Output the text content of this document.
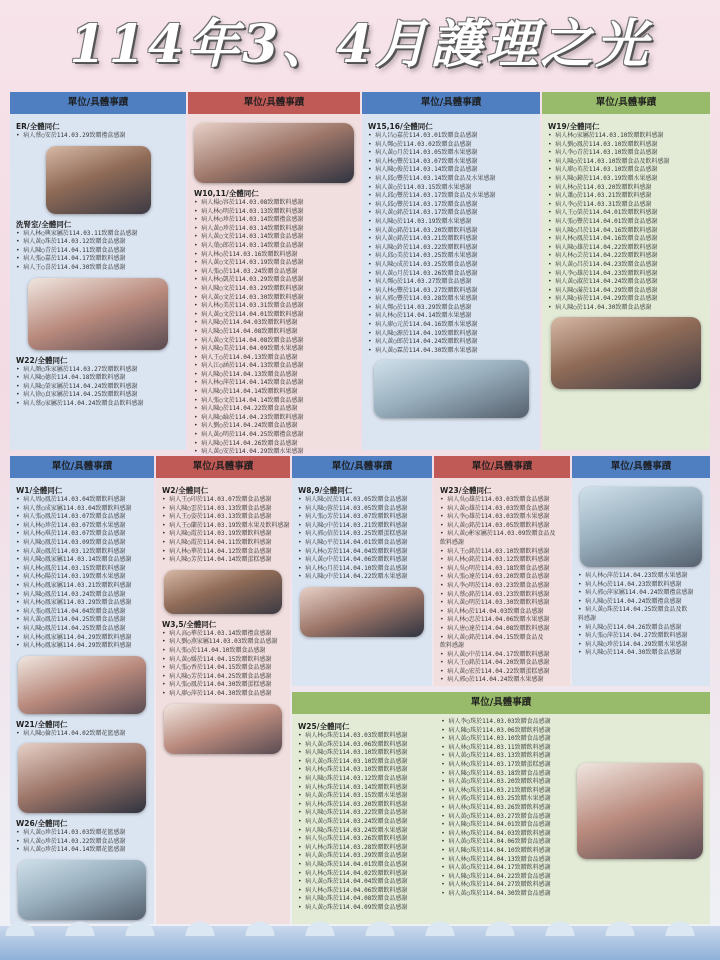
114年3、4月護理之光
單位/具體事蹟
ER/全體同仁
• 病人蔡○安於114.03.29致贈禮盒感謝
洗腎室/全體同仁
• 病人林○興家屬於114.03.11致贈食品感謝
• 病人黃○珠於114.03.12致贈食品感謝
• 病人陳○青於114.04.11致贈食品感謝
• 病人張○嘉於114.04.17致贈飲料感謝
• 病人王○喜於114.04.30致贈食品感謝
W22/全體同仁
• 病人顏○珠家屬於114.03.27致贈飲料感謝
• 病人陳○德於114.04.18致贈飲料感謝
• 病人陳○榮家屬於114.04.24致贈飲料感謝
• 病人徐○貞家屬於114.04.25致贈飲料感謝
• 病人蔡○家屬於114.04.24致贈食品飲料感謝
單位/具體事蹟
W10,11/全體同仁
• 病人楊○容於114.03.08致贈飲料感謝
• 病人林○明於114.03.13致贈飲料感謝
• 病人林○珍於114.03.14致贈禮盒感謝
• 病人黃○珍於114.03.14致贈飲料感謝
• 病人黃○文於114.03.14致贈食品感謝
• 病人葉○郎於114.03.14致贈食品感謝
• 病人林○於114.03.16致贈飲料感謝
• 病人黃○文於114.03.19致贈食品感謝
• 病人張○於114.03.24致贈食品感謝
• 病人林○凱於114.03.29致贈食品感謝
• 病人陳○文於114.03.29致贈飲料感謝
• 病人黃○文於114.03.30致贈飲料感謝
• 病人林○美於114.03.31致贈食品感謝
• 病人黃○文於114.04.01致贈飲料感謝
• 病人陳○於114.04.03致贈飲料感謝
• 病人陳○於114.04.08致贈飲料感謝
• 病人黃○文於114.04.08致贈食品感謝
• 病人陳○美於114.04.09致贈水果感謝
• 病人王○於114.04.13致贈食品感謝
• 病人江○涵於114.04.13致贈食品感謝
• 病人陳○於114.04.13致贈食品感謝
• 病人林○萍於114.04.14致贈食品感謝
• 病人陳○於114.04.14致贈飲料感謝
• 病人張○文於114.04.14致贈食品感謝
• 病人陳○於114.04.22致贈食品感謝
• 病人陳○綸於114.04.23致贈飲料感謝
• 病人劉○於114.04.24致贈食品感謝
• 病人黃○明於114.04.25致贈禮盒感謝
• 病人陳○於114.04.26致贈食品感謝
• 病人黃○安於114.04.29致贈水果感謝
單位/具體事蹟
W15,16/全體同仁
• 病人呂○嘉於114.03.01致贈食品感謝
• 病人鄭○於114.03.02致贈食品感謝
• 病人黃○月於114.03.05致贈水果感謝
• 病人林○豐於114.03.07致贈水果感謝
• 病人陳○俊於114.03.14致贈食品感謝
• 病人邱○豐於114.03.14致贈食品及水果感謝
• 病人黃○於114.03.15致贈水果感謝
• 病人邱○豐於114.03.17致贈食品及水果感謝
• 病人邱○豐於114.03.17致贈食品感謝
• 病人黃○銘於114.03.17致贈食品感謝
• 病人陳○於114.03.19致贈水果感謝
• 病人黃○銘於114.03.20致贈飲料感謝
• 病人黃○銘於114.03.21致贈飲料感謝
• 病人陳○鈴於114.03.22致贈飲料感謝
• 病人邱○美於114.03.25致贈水果感謝
• 病人陳○成於114.03.25致贈食品感謝
• 病人黃○月於114.03.26致贈食品感謝
• 病人鄭○於114.03.27致贈食品感謝
• 病人林○豐於114.03.27致贈飲料感謝
• 病人郭○豐於114.03.28致贈水果感謝
• 病人鄭○於114.03.29致贈食品感謝
• 病人林○於114.04.14致贈水果感謝
• 病人廖○元於114.04.16致贈水果感謝
• 病人陳○源於114.04.19致贈飲料感謝
• 病人黃○郎於114.04.24致贈飲料感謝
• 病人黃○霖於114.04.30致贈水果感謝
單位/具體事蹟
W19/全體同仁
• 病人林○家屬於114.03.10致贈飲料感謝
• 病人劉○鳳於114.03.10致贈飲料感謝
• 病人李○青於114.03.10致贈食品感謝
• 病人陳○於114.03.10致贈食品及飲料感謝
• 病人廖○英於114.03.10致贈食品感謝
• 病人陳○鐘於114.03.19致贈水果感謝
• 病人林○於114.03.20致贈飲料感謝
• 病人蕭○於114.03.21致贈飲料感謝
• 病人李○於114.03.31致贈食品感謝
• 病人王○榮於114.04.01致贈飲料感謝
• 病人張○豐於114.04.01致贈食品感謝
• 病人陳○昌於114.04.16致贈飲料感謝
• 病人林○鳳於114.04.16致贈食品感謝
• 病人陳○雄於114.04.22致贈飲料感謝
• 病人林○芸於114.04.22致贈飲料感謝
• 病人黃○昌於114.04.23致贈食品感謝
• 病人李○雄於114.04.23致贈飲料感謝
• 病人黃○淑於114.04.24致贈食品感謝
• 病人陳○滿於114.04.29致贈食品感謝
• 病人陳○裕於114.04.29致贈食品感謝
• 病人陳○於114.04.30致贈食品感謝
單位/具體事蹟
W1/全體同仁
• 病人周○鳳於114.03.04致贈飲料感謝
• 病人蔡○成家屬114.03.04致贈飲料感謝
• 病人張○鳳於114.03.07致贈食品感謝
• 病人林○珍於114.03.07致贈水果感謝
• 病人林○琪於114.03.07致贈食品感謝
• 病人陳○鳳於114.03.09致贈食品感謝
• 病人黃○鳳於114.03.12致贈飲料感謝
• 病人陳○鳳家屬114.03.14致贈食品感謝
• 病人林○鳳於114.03.15致贈飲料感謝
• 病人林○陽於114.03.19致贈水果感謝
• 病人林○鳳家屬114.03.21致贈飲料感謝
• 病人陳○鳳於114.03.24致贈食品感謝
• 病人林○鳳家屬114.03.29致贈食品感謝
• 病人張○鳳於114.04.04致贈食品感謝
• 病人黃○鳳於114.04.25致贈食品感謝
• 病人陳○鳳於114.04.25致贈食品感謝
• 病人林○鳳家屬114.04.29致贈飲料感謝
• 病人林○鳳家屬114.04.29致贈飲料感謝
W21/全體同仁
• 病人陳○倫於114.04.02致贈花籃感謝
W26/全體同仁
• 病人黃○珍於114.03.03致贈花籃感謝
• 病人黃○珍於114.03.22致贈食品感謝
• 病人黃○珍於114.04.14致贈花籃感謝
單位/具體事蹟
W2/全體同仁
• 病人王○印於114.03.07致贈食品感謝
• 病人陳○雲於114.03.13致贈食品感謝
• 病人王○姿於114.03.13致贈食品感謝
• 病人王○蘭於114.03.19致贈水果及飲料感謝
• 病人陳○霞於114.03.19致贈飲料感謝
• 病人陳○霞於114.04.11致贈飲料感謝
• 病人林○華於114.04.12致贈食品感謝
• 病人陳○芳於114.04.14致贈蛋糕感謝
W3,5/全體同仁
• 病人高○華於114.03.14致贈禮盒感謝
• 病人劉○燕家屬114.03.03致贈食品感謝
• 病人張○於114.04.10致贈食品感謝
• 病人黃○媛於114.04.15致贈飲料感謝
• 病人張○香於114.04.15致贈食品感謝
• 病人陳○芳於114.04.25致贈食品感謝
• 病人張○鳳於114.04.30致贈蛋糕感謝
• 病人廖○萍於114.04.30致贈食品感謝
單位/具體事蹟
W8,9/全體同仁
• 病人陳○民於114.03.05致贈食品感謝
• 病人陳○蓉於114.03.05致贈食品感謝
• 病人張○芳於114.03.07致贈飲料感謝
• 病人陳○中於114.03.21致贈飲料感謝
• 病人郭○信於114.03.25致贈蛋糕感謝
• 病人陳○平於114.04.01致贈食品感謝
• 病人林○芳於114.04.04致贈飲料感謝
• 病人黃○中於114.04.06致贈飲料感謝
• 病人林○月於114.04.10致贈食品感謝
• 病人陳○中於114.04.22致贈水果感謝
單位/具體事蹟
W23/全體同仁
• 病人吳○雄於114.03.03致贈食品感謝
• 病人黃○雄於114.03.03致贈食品感謝
• 病人李○雄於114.03.03致贈水果感謝
• 病人黃○銘於114.03.05致贈飲料感謝
• 病人黃○彬家屬於114.03.09致贈食品及
飲料感謝
• 病人王○銘於114.03.10致贈飲料感謝
• 病人林○銘於114.03.12致贈飲料感謝
• 病人吳○明於114.03.18致贈食品感謝
• 病人張○達於114.03.20致贈食品感謝
• 病人李○明於114.03.23致贈食品感謝
• 病人蔡○銘於114.03.23致贈飲料感謝
• 病人黃○明於114.03.30致贈飲料感謝
• 病人林○於114.04.03致贈食品感謝
• 病人林○忠於114.04.06致贈水果感謝
• 病人唐○達於114.04.08致贈飲料感謝
• 病人黃○銘於114.04.15致贈食品及
飲料感謝
• 病人黃○中於114.04.17致贈飲料感謝
• 病人王○銘於114.04.20致贈食品感謝
• 病人黃○宏於114.04.22致贈蛋糕感謝
• 病人郭○於114.04.24致贈水果感謝
單位/具體事蹟
• 病人林○萍於114.04.23致贈水果感謝
• 病人林○於114.04.23致贈飲料感謝
• 病人郭○萍家屬114.04.24致贈禮盒感謝
• 病人陳○於114.04.24致贈禮盒感謝
• 病人黃○珠於114.04.25致贈食品及飲
料感謝
• 病人陳○於114.04.26致贈食品感謝
• 病人張○萍於114.04.27致贈飲料感謝
• 病人陳○珍於114.04.29致贈水果感謝
• 病人陳○於114.04.30致贈食品感謝
單位/具體事蹟
W25/全體同仁
• 病人林○珠於114.03.03致贈飲料感謝
• 病人黃○珠於114.03.06致贈飲料感謝
• 病人陳○珠於114.03.10致贈飲料感謝
• 病人黃○珠於114.03.10致贈食品感謝
• 病人林○珠於114.03.10致贈飲料感謝
• 病人陳○珠於114.03.12致贈食品感謝
• 病人林○珠於114.03.14致贈飲料感謝
• 病人黃○珠於114.03.15致贈水果感謝
• 病人林○珠於114.03.20致贈飲料感謝
• 病人陳○珠於114.03.22致贈食品感謝
• 病人黃○珠於114.03.24致贈食品感謝
• 病人陳○珠於114.03.24致贈水果感謝
• 病人吳○珠於114.03.26致贈飲料感謝
• 病人林○珠於114.03.28致贈飲料感謝
• 病人黃○珠於114.03.29致贈食品感謝
• 病人陳○珠於114.04.01致贈食品感謝
• 病人林○珠於114.04.02致贈飲料感謝
• 病人黃○珠於114.04.04致贈食品感謝
• 病人林○珠於114.04.06致贈飲料感謝
• 病人陳○珠於114.04.08致贈食品感謝
• 病人黃○珠於114.04.09致贈食品感謝
• 病人李○珠於114.03.03致贈食品感謝
• 病人陳○珠於114.03.06致贈飲料感謝
• 病人黃○珠於114.03.10致贈食品感謝
• 病人林○珠於114.03.11致贈飲料感謝
• 病人黃○珠於114.03.13致贈飲料感謝
• 病人林○珠於114.03.17致贈蛋糕感謝
• 病人陳○珠於114.03.18致贈食品感謝
• 病人黃○珠於114.03.20致贈飲料感謝
• 病人林○珠於114.03.21致贈飲料感謝
• 病人郭○珠於114.03.25致贈水果感謝
• 病人林○珠於114.03.26致贈飲料感謝
• 病人黃○珠於114.03.27致贈食品感謝
• 病人陳○珠於114.04.01致贈食品感謝
• 病人林○珠於114.04.03致贈飲料感謝
• 病人黃○珠於114.04.06致贈食品感謝
• 病人陳○珠於114.04.10致贈飲料感謝
• 病人林○珠於114.04.13致贈食品感謝
• 病人黃○珠於114.04.17致贈飲料感謝
• 病人陳○珠於114.04.22致贈食品感謝
• 病人林○珠於114.04.27致贈飲料感謝
• 病人黃○珠於114.04.30致贈食品感謝
